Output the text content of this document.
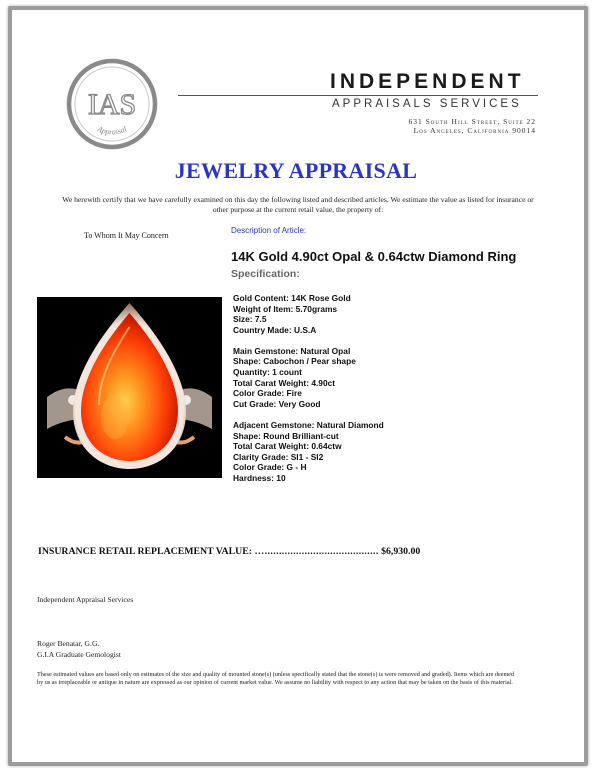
IAS
Appraisal
INDEPENDENT
APPRAISALS SERVICES
631 South Hill Street, Suite 22
Los Angeles, California 90014
JEWELRY APPRAISAL
We herewith certify that we have carefully examined on this day the following listed and described articles. We estimate the value as listed for insurance or other purpose at the current retail value, the property of:
To Whom It May Concern
Description of Article:
14K Gold 4.90ct Opal & 0.64ctw Diamond Ring
Specification:
Gold Content: 14K Rose Gold
Weight of Item: 5.70grams
Size: 7.5
Country Made: U.S.A
Main Gemstone: Natural Opal
Shape: Cabochon / Pear shape
Quantity: 1 count
Total Carat Weight: 4.90ct
Color Grade: Fire
Cut Grade: Very Good
Adjacent Gemstone: Natural Diamond
Shape: Round Brilliant-cut
Total Carat Weight: 0.64ctw
Clarity Grade: SI1 - SI2
Color Grade: G - H
Hardness: 10
INSURANCE RETAIL REPLACEMENT VALUE: …........................................ $6,930.00
Independent Appraisal Services
Roger Benatar, G.G.
G.I.A Graduate Gemologist
These estimated values are based only on estimates of the size and quality of mounted stone(s) (unless specifically stated that the stone(s) is were removed and graded). Items which are deemed by us as irreplaceable or antique in nature are expressed as our opinion of current market value. We assume no liability with respect to any action that may be taken on the basis of this material.
